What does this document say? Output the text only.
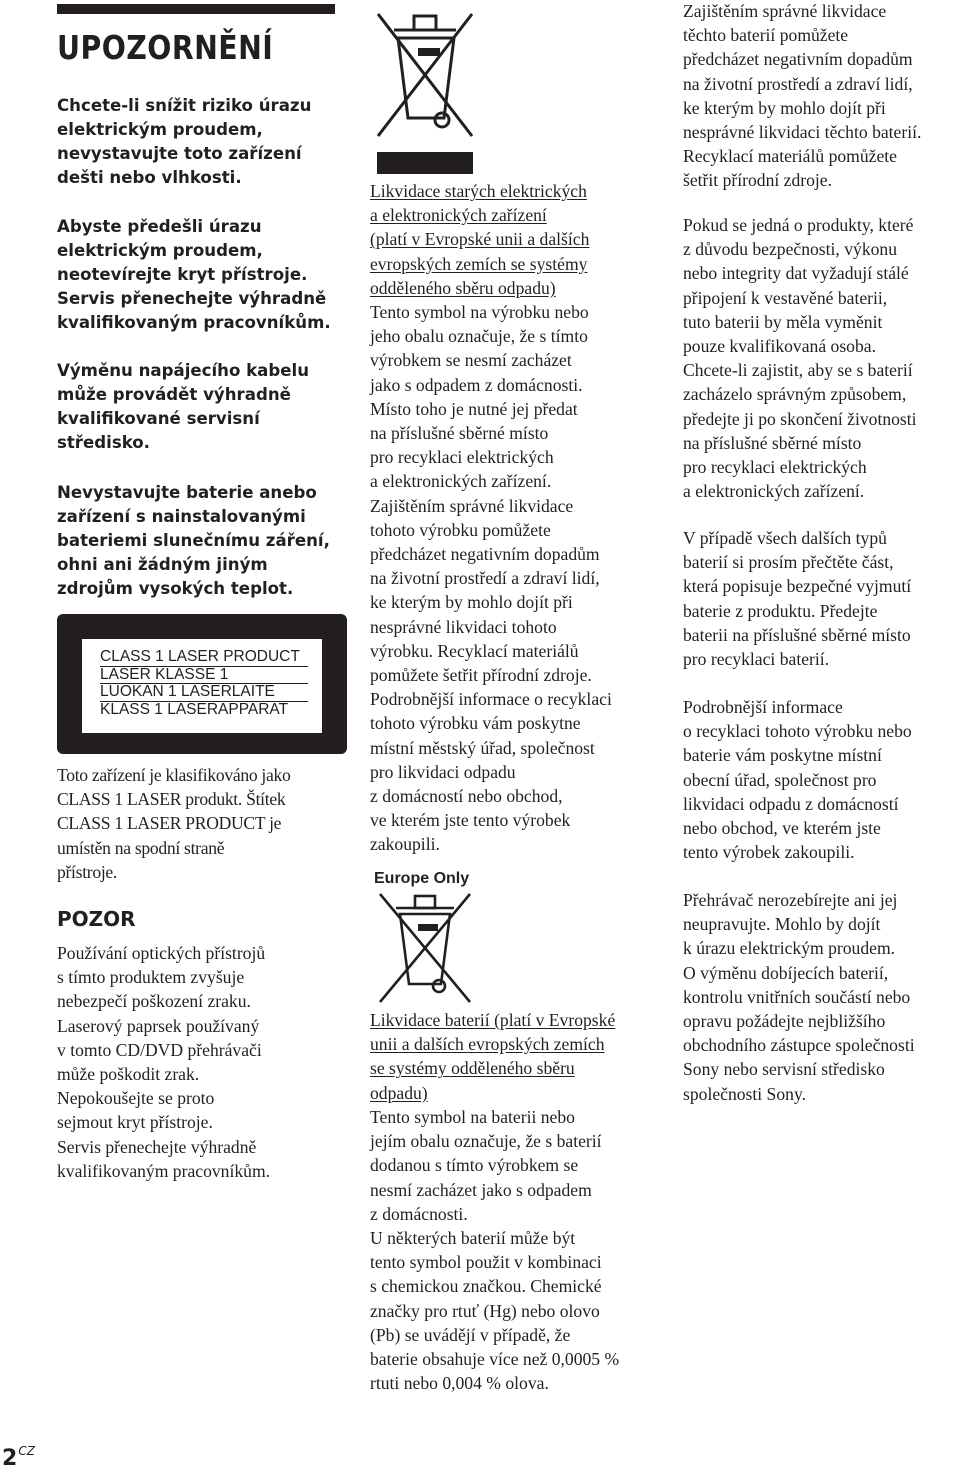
UPOZORNĚNÍ

Chcete-li snížit riziko úrazu
elektrickým proudem,
nevystavujte toto zařízení
dešti nebo vlhkosti.

Abyste předešli úrazu
elektrickým proudem,
neotevírejte kryt přístroje.
Servis přenechejte výhradně
kvalifikovaným pracovníkům.

Výměnu napájecího kabelu
může provádět výhradně
kvalifikované servisní
středisko.

Nevystavujte baterie anebo
zařízení s nainstalovanými
bateriemi slunečnímu záření,
ohni ani žádným jiným
zdrojům vysokých teplot.

CLASS 1 LASER PRODUCT
LASER KLASSE 1
LUOKAN 1 LASERLAITE
KLASS 1 LASERAPPARAT

Toto zařízení je klasifikováno jako
CLASS 1 LASER produkt. Štítek
CLASS 1 LASER PRODUCT je
umístěn na spodní straně
přístroje.

POZOR

Používání optických přístrojů
s tímto produktem zvyšuje
nebezpečí poškození zraku.
Laserový paprsek používaný
v tomto CD/DVD přehrávači
může poškodit zrak.
Nepokoušejte se proto
sejmout kryt přístroje.
Servis přenechejte výhradně
kvalifikovaným pracovníkům.

Likvidace starých elektrických
a elektronických zařízení
(platí v Evropské unii a dalších
evropských zemích se systémy
odděleného sběru odpadu)

Tento symbol na výrobku nebo
jeho obalu označuje, že s tímto
výrobkem se nesmí zacházet
jako s odpadem z domácnosti.
Místo toho je nutné jej předat
na příslušné sběrné místo
pro recyklaci elektrických
a elektronických zařízení.
Zajištěním správné likvidace
tohoto výrobku pomůžete
předcházet negativním dopadům
na životní prostředí a zdraví lidí,
ke kterým by mohlo dojít při
nesprávné likvidaci tohoto
výrobku. Recyklací materiálů
pomůžete šetřit přírodní zdroje.
Podrobnější informace o recyklaci
tohoto výrobku vám poskytne
místní městský úřad, společnost
pro likvidaci odpadu
z domácností nebo obchod,
ve kterém jste tento výrobek
zakoupili.

Europe Only

Likvidace baterií (platí v Evropské
unii a dalších evropských zemích
se systémy odděleného sběru
odpadu)

Tento symbol na baterii nebo
jejím obalu označuje, že s baterií
dodanou s tímto výrobkem se
nesmí zacházet jako s odpadem
z domácnosti.
U některých baterií může být
tento symbol použit v kombinaci
s chemickou značkou. Chemické
značky pro rtuť (Hg) nebo olovo
(Pb) se uvádějí v případě, že
baterie obsahuje více než 0,0005 %
rtuti nebo 0,004 % olova.

Zajištěním správné likvidace
těchto baterií pomůžete
předcházet negativním dopadům
na životní prostředí a zdraví lidí,
ke kterým by mohlo dojít při
nesprávné likvidaci těchto baterií.
Recyklací materiálů pomůžete
šetřit přírodní zdroje.

Pokud se jedná o produkty, které
z důvodu bezpečnosti, výkonu
nebo integrity dat vyžadují stálé
připojení k vestavěné baterii,
tuto baterii by měla vyměnit
pouze kvalifikovaná osoba.
Chcete-li zajistit, aby se s baterií
zacházelo správným způsobem,
předejte ji po skončení životnosti
na příslušné sběrné místo
pro recyklaci elektrických
a elektronických zařízení.

V případě všech dalších typů
baterií si prosím přečtěte část,
která popisuje bezpečné vyjmutí
baterie z produktu. Předejte
baterii na příslušné sběrné místo
pro recyklaci baterií.

Podrobnější informace
o recyklaci tohoto výrobku nebo
baterie vám poskytne místní
obecní úřad, společnost pro
likvidaci odpadu z domácností
nebo obchod, ve kterém jste
tento výrobek zakoupili.

Přehrávač nerozebírejte ani jej
neupravujte. Mohlo by dojít
k úrazu elektrickým proudem.
O výměnu dobíjecích baterií,
kontrolu vnitřních součástí nebo
opravu požádejte nejbližšího
obchodního zástupce společnosti
Sony nebo servisní středisko
společnosti Sony.

$2^{CZ}$
